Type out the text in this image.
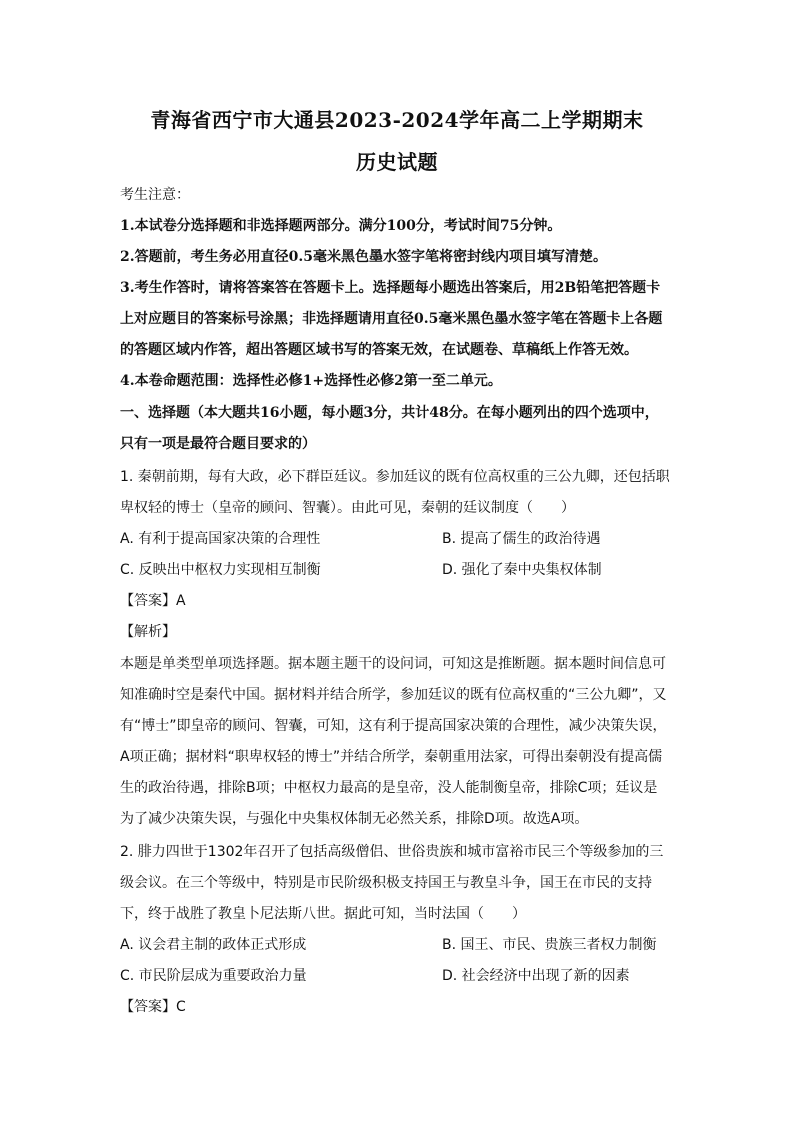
青海省西宁市大通县2023-2024学年高二上学期期末
历史试题
考生注意：
1.本试卷分选择题和非选择题两部分。满分100分，考试时间75分钟。
2.答题前，考生务必用直径0.5毫米黑色墨水签字笔将密封线内项目填写清楚。
3.考生作答时，请将答案答在答题卡上。选择题每小题选出答案后，用2B铅笔把答题卡
上对应题目的答案标号涂黑；非选择题请用直径0.5毫米黑色墨水签字笔在答题卡上各题
的答题区域内作答，超出答题区域书写的答案无效，在试题卷、草稿纸上作答无效。
4.本卷命题范围：选择性必修1+选择性必修2第一至二单元。
一、选择题（本大题共16小题，每小题3分，共计48分。在每小题列出的四个选项中，
只有一项是最符合题目要求的）
1. 秦朝前期，每有大政，必下群臣廷议。参加廷议的既有位高权重的三公九卿，还包括职
卑权轻的博士（皇帝的顾问、智囊）。由此可见，秦朝的廷议制度（　　）
A. 有利于提高国家决策的合理性	B. 提高了儒生的政治待遇
C. 反映出中枢权力实现相互制衡	D. 强化了秦中央集权体制
【答案】A
【解析】
本题是单类型单项选择题。据本题主题干的设问词，可知这是推断题。据本题时间信息可
知准确时空是秦代中国。据材料并结合所学，参加廷议的既有位高权重的“三公九卿”，又
有“博士”即皇帝的顾问、智囊，可知，这有利于提高国家决策的合理性，减少决策失误，
A项正确；据材料“职卑权轻的博士”并结合所学，秦朝重用法家，可得出秦朝没有提高儒
生的政治待遇，排除B项；中枢权力最高的是皇帝，没人能制衡皇帝，排除C项；廷议是
为了减少决策失误，与强化中央集权体制无必然关系，排除D项。故选A项。
2. 腓力四世于1302年召开了包括高级僧侣、世俗贵族和城市富裕市民三个等级参加的三
级会议。在三个等级中，特别是市民阶级积极支持国王与教皇斗争，国王在市民的支持
下，终于战胜了教皇卜尼法斯八世。据此可知，当时法国（　　）
A. 议会君主制的政体正式形成	B. 国王、市民、贵族三者权力制衡
C. 市民阶层成为重要政治力量	D. 社会经济中出现了新的因素
【答案】C
